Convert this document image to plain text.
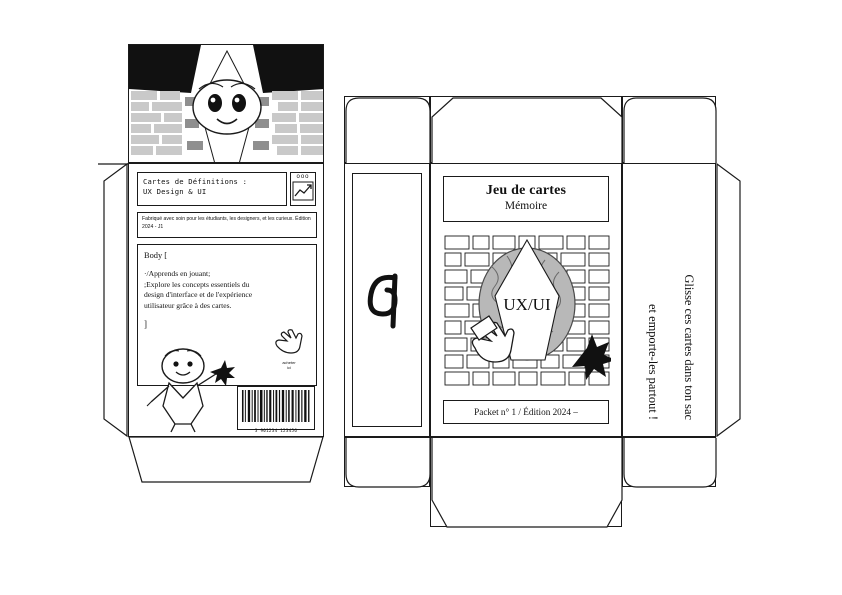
Cartes de Définitions :
UX Design & UI
ooo
Fabriqué avec soin pour les étudiants, les designers, et les curieux. Édition 2024 - J1
Body [
·/Apprends en jouant;
;Explore les concepts essentiels du
design d'interface et de l'expérience
utilisateur grâce à des cartes.
]
acheter
ici
3 901234 123456
Jeu de cartes
Mémoire
UX/UI
Packet n° 1 / Édition 2024 –	Glisse ces cartes dans ton sac

et emporte-les partout !
